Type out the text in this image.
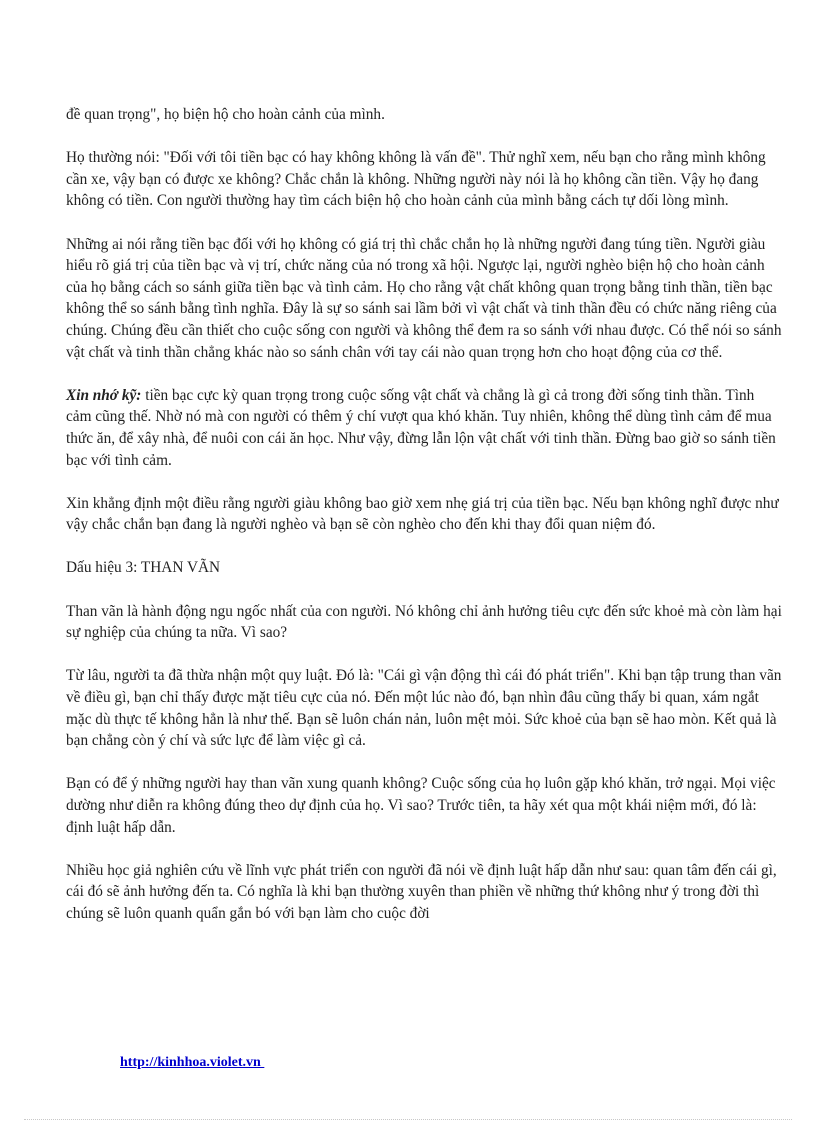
đề quan trọng", họ biện hộ cho hoàn cảnh của mình.

Họ thường nói: "Đối với tôi tiền bạc có hay không không là vấn đề". Thử nghĩ xem, nếu bạn cho rằng mình không cần xe, vậy bạn có được xe không? Chắc chắn là không. Những người này nói là họ không cần tiền. Vậy họ đang không có tiền. Con người thường hay tìm cách biện hộ cho hoàn cảnh của mình bằng cách tự dối lòng mình.

Những ai nói rằng tiền bạc đối với họ không có giá trị thì chắc chắn họ là những người đang túng tiền. Người giàu hiểu rõ giá trị của tiền bạc và vị trí, chức năng của nó trong xã hội. Ngược lại, người nghèo biện hộ cho hoàn cảnh của họ bằng cách so sánh giữa tiền bạc và tình cảm. Họ cho rằng vật chất không quan trọng bằng tinh thần, tiền bạc không thể so sánh bằng tình nghĩa. Đây là sự so sánh sai lầm bởi vì vật chất và tinh thần đều có chức năng riêng của chúng. Chúng đều cần thiết cho cuộc sống con người và không thể đem ra so sánh với nhau được. Có thể nói so sánh vật chất và tinh thần chẳng khác nào so sánh chân với tay cái nào quan trọng hơn cho hoạt động của cơ thể.

Xin nhớ kỹ: tiền bạc cực kỳ quan trọng trong cuộc sống vật chất và chẳng là gì cả trong đời sống tinh thần. Tình cảm cũng thế. Nhờ nó mà con người có thêm ý chí vượt qua khó khăn. Tuy nhiên, không thể dùng tình cảm để mua thức ăn, để xây nhà, để nuôi con cái ăn học. Như vậy, đừng lẫn lộn vật chất với tinh thần. Đừng bao giờ so sánh tiền bạc với tình cảm.

Xin khẳng định một điều rằng người giàu không bao giờ xem nhẹ giá trị của tiền bạc. Nếu bạn không nghĩ được như vậy chắc chắn bạn đang là người nghèo và bạn sẽ còn nghèo cho đến khi thay đổi quan niệm đó.

Dấu hiệu 3: THAN VÃN

Than vãn là hành động ngu ngốc nhất của con người. Nó không chỉ ảnh hưởng tiêu cực đến sức khoẻ mà còn làm hại sự nghiệp của chúng ta nữa. Vì sao?

Từ lâu, người ta đã thừa nhận một quy luật. Đó là: "Cái gì vận động thì cái đó phát triển". Khi bạn tập trung than vãn về điều gì, bạn chỉ thấy được mặt tiêu cực của nó. Đến một lúc nào đó, bạn nhìn đâu cũng thấy bi quan, xám ngắt mặc dù thực tế không hẳn là như thế. Bạn sẽ luôn chán nản, luôn mệt mỏi. Sức khoẻ của bạn sẽ hao mòn. Kết quả là bạn chẳng còn ý chí và sức lực để làm việc gì cả.

Bạn có để ý những người hay than vãn xung quanh không? Cuộc sống của họ luôn gặp khó khăn, trở ngại. Mọi việc dường như diễn ra không đúng theo dự định của họ. Vì sao? Trước tiên, ta hãy xét qua một khái niệm mới, đó là: định luật hấp dẫn.

Nhiều học giả nghiên cứu về lĩnh vực phát triển con người đã nói về định luật hấp dẫn như sau: quan tâm đến cái gì, cái đó sẽ ảnh hưởng đến ta. Có nghĩa là khi bạn thường xuyên than phiền về những thứ không như ý trong đời thì chúng sẽ luôn quanh quẩn gắn bó với bạn làm cho cuộc đời

http://kinhhoa.violet.vn
